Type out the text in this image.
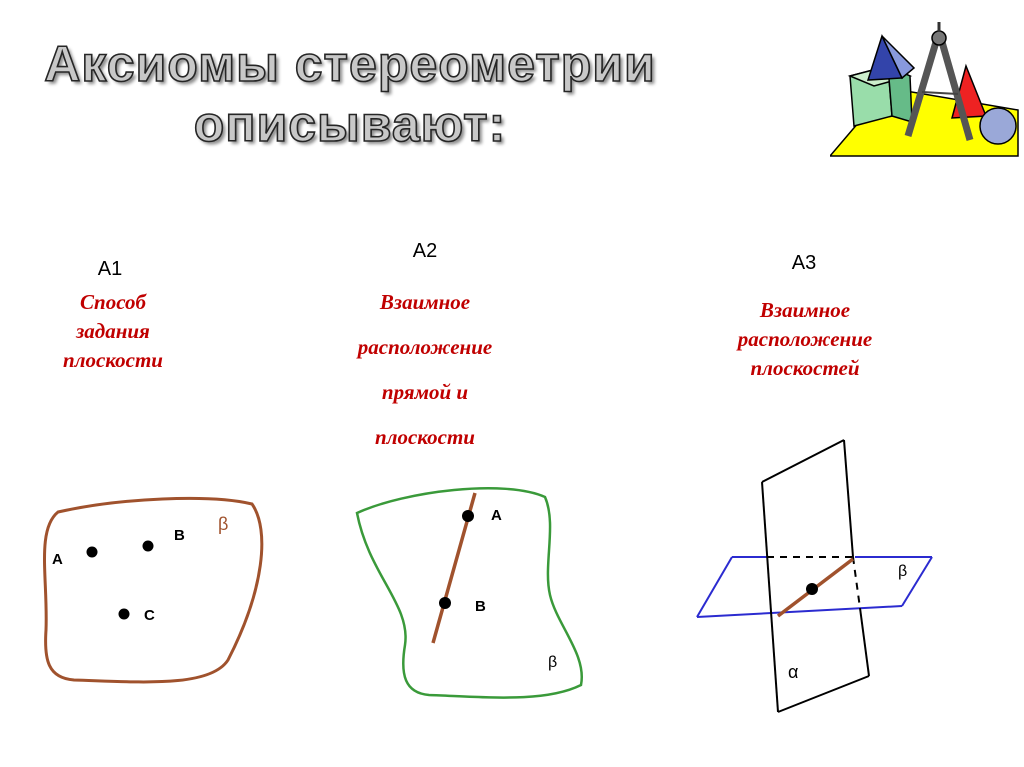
Аксиомы стереометрии
описывают:
А1
Способ
задания
плоскости
А2
Взаимное
расположение
прямой и
плоскости
А3
Взаимное
расположение
плоскостей
β
A
B
C
A
B
β
β
α
